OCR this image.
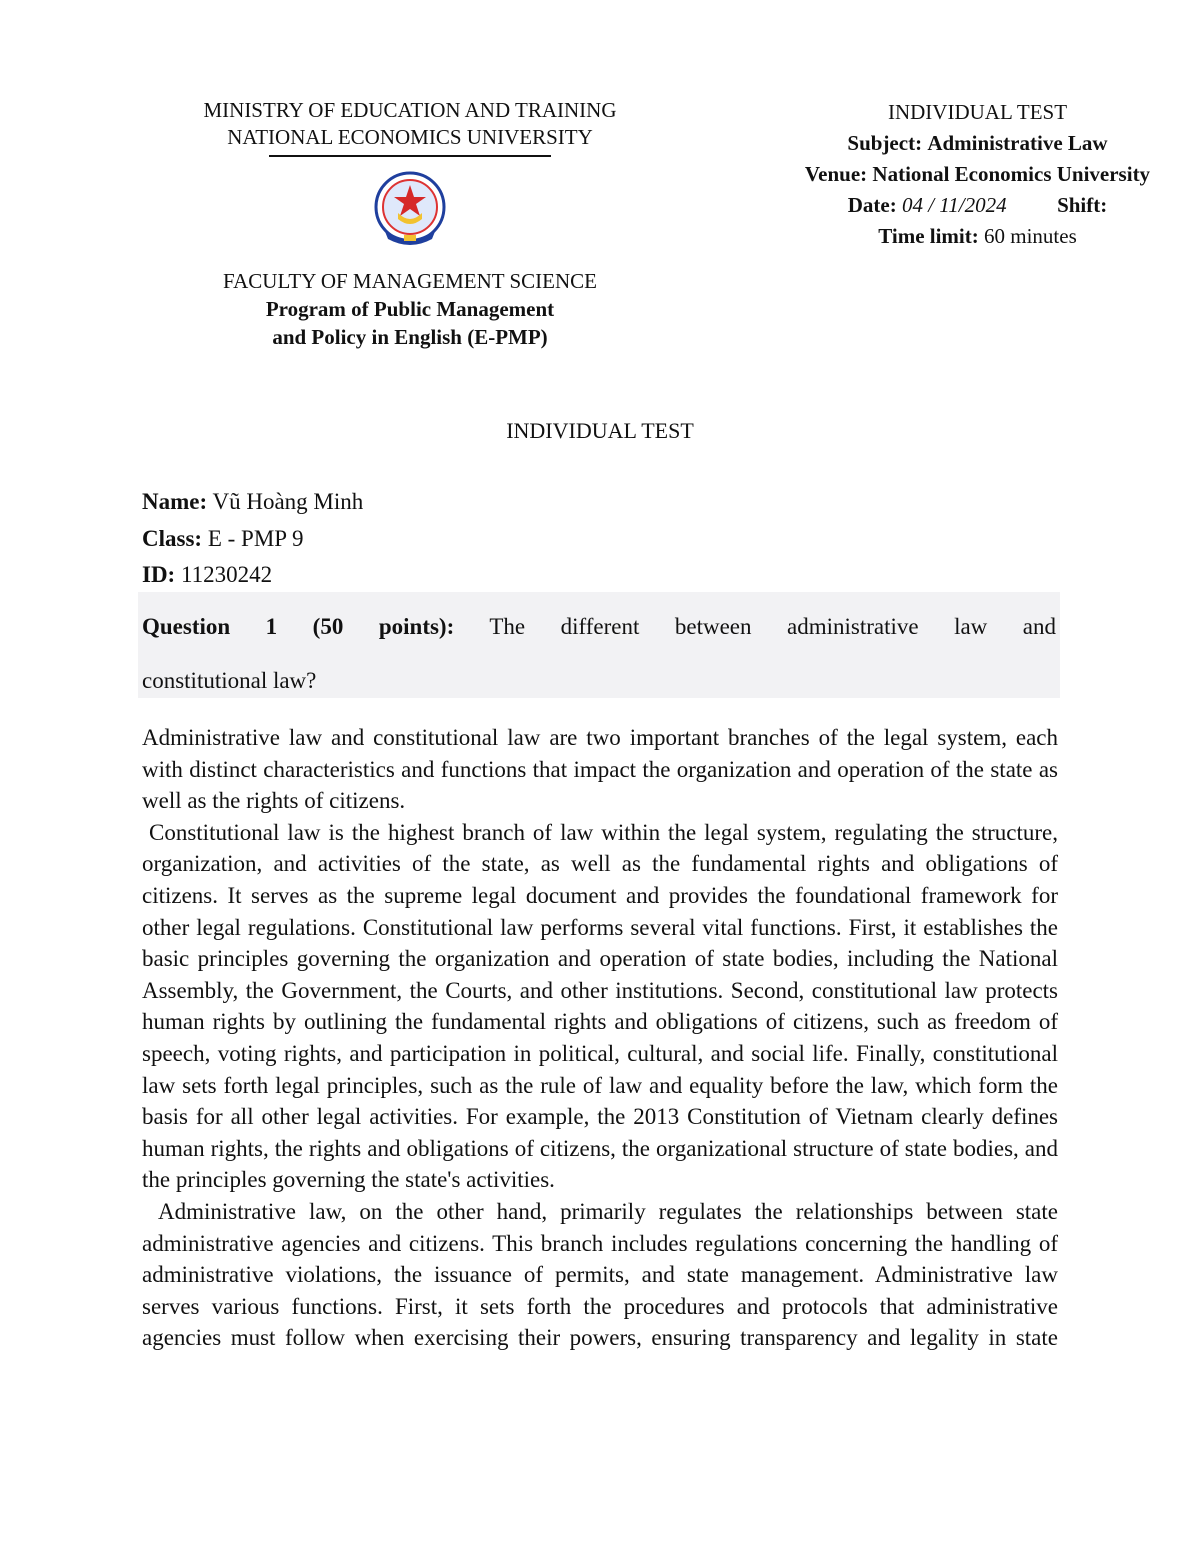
MINISTRY OF EDUCATION AND TRAINING
NATIONAL ECONOMICS UNIVERSITY
FACULTY OF MANAGEMENT SCIENCE
Program of Public Management
and Policy in English (E-PMP)
INDIVIDUAL TEST
Subject: Administrative Law
Venue: National Economics University
Date: 04 / 11/2024 Shift:
Time limit: 60 minutes
INDIVIDUAL TEST
Name: Vũ Hoàng Minh
Class: E - PMP 9
ID: 11230242
Question 1 (50 points): The different between administrative law and
constitutional law?

Administrative law and constitutional law are two important branches of the legal system, each with distinct characteristics and functions that impact the organization and operation of the state as well as the rights of citizens.

Constitutional law is the highest branch of law within the legal system, regulating the structure, organization, and activities of the state, as well as the fundamental rights and obligations of citizens. It serves as the supreme legal document and provides the foundational framework for other legal regulations. Constitutional law performs several vital functions. First, it establishes the basic principles governing the organization and operation of state bodies, including the National Assembly, the Government, the Courts, and other institutions. Second, constitutional law protects human rights by outlining the fundamental rights and obligations of citizens, such as freedom of speech, voting rights, and participation in political, cultural, and social life. Finally, constitutional law sets forth legal principles, such as the rule of law and equality before the law, which form the basis for all other legal activities. For example, the 2013 Constitution of Vietnam clearly defines human rights, the rights and obligations of citizens, the organizational structure of state bodies, and the principles governing the state's activities.

Administrative law, on the other hand, primarily regulates the relationships between state administrative agencies and citizens. This branch includes regulations concerning the handling of administrative violations, the issuance of permits, and state management. Administrative law serves various functions. First, it sets forth the procedures and protocols that administrative agencies must follow when exercising their powers, ensuring transparency and legality in state
